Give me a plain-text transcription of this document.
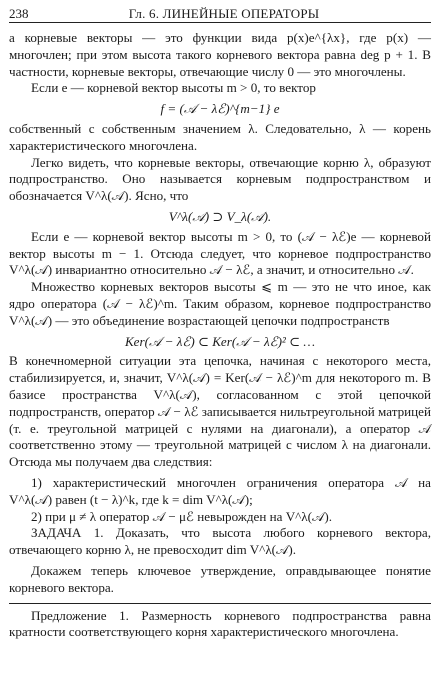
238	Гл. 6. ЛИНЕЙНЫЕ ОПЕРАТОРЫ

а корневые векторы — это функции вида p(x)e^{λx}, где p(x) — многочлен; при этом высота такого корневого вектора равна deg p + 1. В частности, корневые векторы, отвечающие числу 0 — это многочлены.

Если e — корневой вектор высоты m > 0, то вектор

f = (𝒜 − λℰ)^{m−1} e

собственный с собственным значением λ. Следовательно, λ — корень характеристического многочлена.

Легко видеть, что корневые векторы, отвечающие корню λ, образуют подпространство. Оно называется корневым подпространством и обозначается V^λ(𝒜). Ясно, что

V^λ(𝒜) ⊃ V_λ(𝒜).

Если e — корневой вектор высоты m > 0, то (𝒜 − λℰ)e — корневой вектор высоты m − 1. Отсюда следует, что корневое подпространство V^λ(𝒜) инвариантно относительно 𝒜 − λℰ, а значит, и относительно 𝒜.

Множество корневых векторов высоты ⩽ m — это не что иное, как ядро оператора (𝒜 − λℰ)^m. Таким образом, корневое подпространство V^λ(𝒜) — это объединение возрастающей цепочки подпространств

Ker(𝒜 − λℰ) ⊂ Ker(𝒜 − λℰ)² ⊂ …

В конечномерной ситуации эта цепочка, начиная с некоторого места, стабилизируется, и, значит, V^λ(𝒜) = Ker(𝒜 − λℰ)^m для некоторого m. В базисе пространства V^λ(𝒜), согласованном с этой цепочкой подпространств, оператор 𝒜 − λℰ записывается нильтреугольной матрицей (т. е. треугольной матрицей с нулями на диагонали), а оператор 𝒜 соответственно этому — треугольной матрицей с числом λ на диагонали. Отсюда мы получаем два следствия:

1) характеристический многочлен ограничения оператора 𝒜 на V^λ(𝒜) равен (t − λ)^k, где k = dim V^λ(𝒜);

2) при μ ≠ λ оператор 𝒜 − μℰ невырожден на V^λ(𝒜).

ЗАДАЧА 1. Доказать, что высота любого корневого вектора, отвечающего корню λ, не превосходит dim V^λ(𝒜).

Докажем теперь ключевое утверждение, оправдывающее понятие корневого вектора.

Предложение 1. Размерность корневого подпространства равна кратности соответствующего корня характеристического многочлена.
